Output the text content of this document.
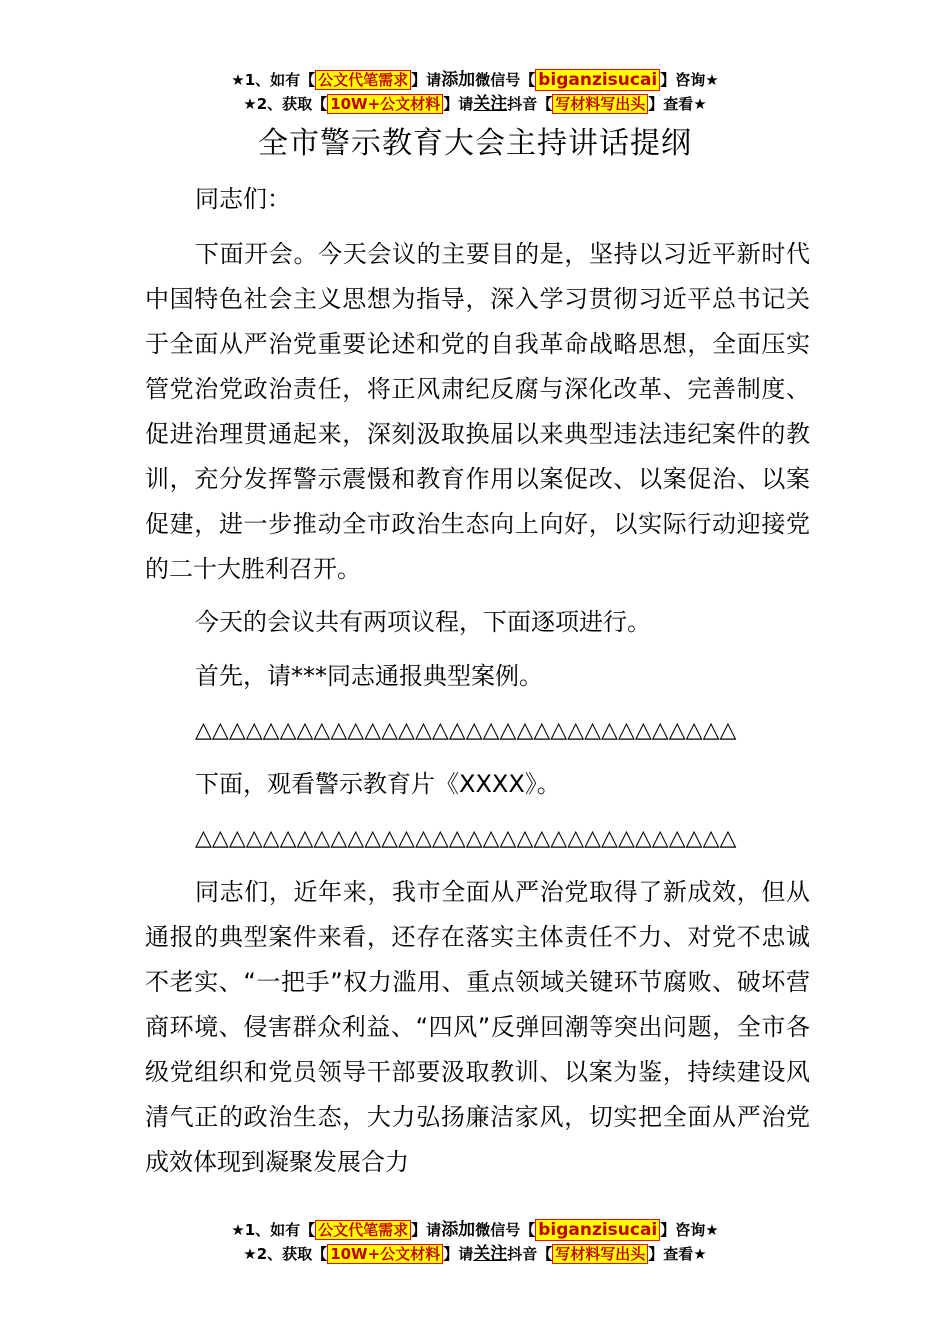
★1、如有【 公文代笔需求 】请添加微信号【 biganzisucai 】咨询★
★2、获取【 10W+公文材料 】请关注抖音【 写材料写出头 】查看★
全市警示教育大会主持讲话提纲

同志们：

下面开会。今天会议的主要目的是，坚持以习近平新时代中国特色社会主义思想为指导，深入学习贯彻习近平总书记关于全面从严治党重要论述和党的自我革命战略思想，全面压实管党治党政治责任，将正风肃纪反腐与深化改革、完善制度、促进治理贯通起来，深刻汲取换届以来典型违法违纪案件的教训，充分发挥警示震慑和教育作用以案促改、以案促治、以案促建，进一步推动全市政治生态向上向好，以实际行动迎接党的二十大胜利召开。

今天的会议共有两项议程，下面逐项进行。

首先，请***同志通报典型案例。

△△△△△△△△△△△△△△△△△△△△△△△△△△△△△△△△

下面，观看警示教育片《XXXX》。

△△△△△△△△△△△△△△△△△△△△△△△△△△△△△△△△

同志们，近年来，我市全面从严治党取得了新成效，但从通报的典型案件来看，还存在落实主体责任不力、对党不忠诚不老实、“一把手”权力滥用、重点领域关键环节腐败、破坏营商环境、侵害群众利益、“四风”反弹回潮等突出问题，全市各级党组织和党员领导干部要汲取教训、以案为鉴，持续建设风清气正的政治生态，大力弘扬廉洁家风，切实把全面从严治党成效体现到凝聚发展合力

★1、如有【 公文代笔需求 】请添加微信号【 biganzisucai 】咨询★
★2、获取【 10W+公文材料 】请关注抖音【 写材料写出头 】查看★
